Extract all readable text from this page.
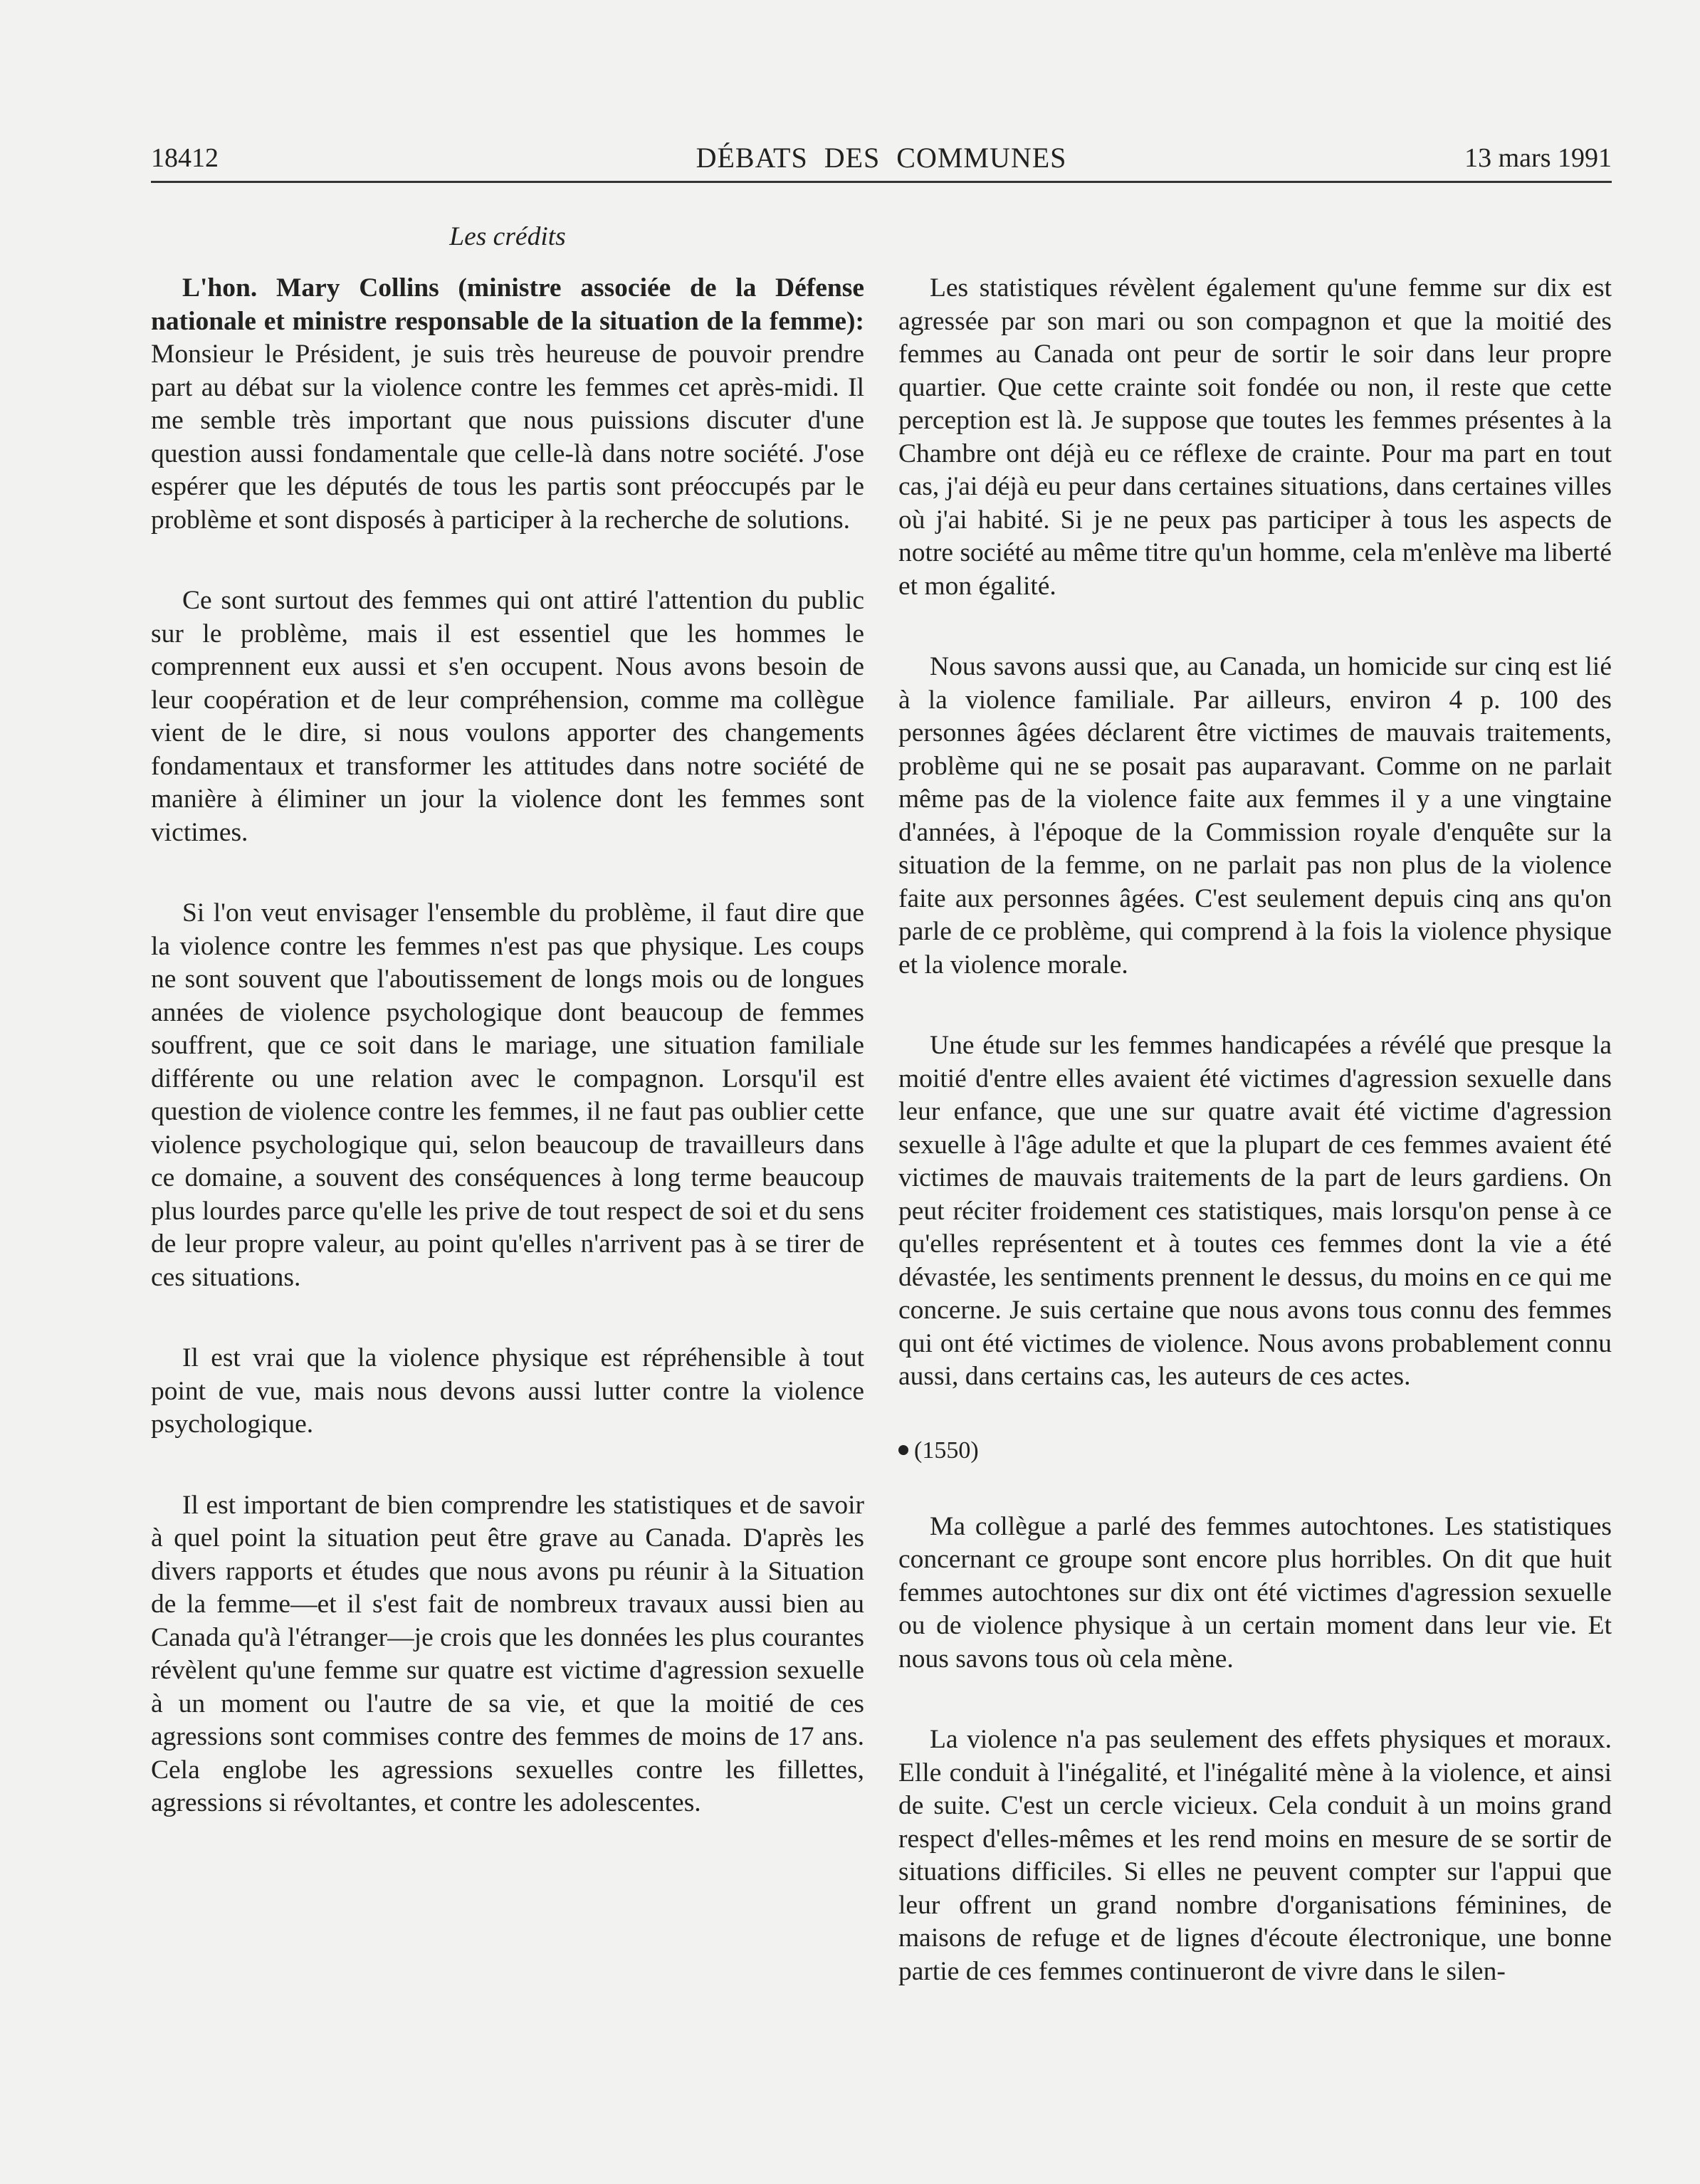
18412	DÉBATS DES COMMUNES	13 mars 1991
Les crédits

L'hon. Mary Collins (ministre associée de la Défense nationale et ministre responsable de la situation de la femme): Monsieur le Président, je suis très heureuse de pouvoir prendre part au débat sur la violence contre les femmes cet après-midi. Il me semble très important que nous puissions discuter d'une question aussi fondamentale que celle-là dans notre société. J'ose espérer que les députés de tous les partis sont préoccupés par le problème et sont disposés à participer à la recherche de solutions.

Ce sont surtout des femmes qui ont attiré l'attention du public sur le problème, mais il est essentiel que les hommes le comprennent eux aussi et s'en occupent. Nous avons besoin de leur coopération et de leur compréhension, comme ma collègue vient de le dire, si nous voulons apporter des changements fondamentaux et transformer les attitudes dans notre société de manière à éliminer un jour la violence dont les femmes sont victimes.

Si l'on veut envisager l'ensemble du problème, il faut dire que la violence contre les femmes n'est pas que physique. Les coups ne sont souvent que l'aboutissement de longs mois ou de longues années de violence psychologique dont beaucoup de femmes souffrent, que ce soit dans le mariage, une situation familiale différente ou une relation avec le compagnon. Lorsqu'il est question de violence contre les femmes, il ne faut pas oublier cette violence psychologique qui, selon beaucoup de travailleurs dans ce domaine, a souvent des conséquences à long terme beaucoup plus lourdes parce qu'elle les prive de tout respect de soi et du sens de leur propre valeur, au point qu'elles n'arrivent pas à se tirer de ces situations.

Il est vrai que la violence physique est répréhensible à tout point de vue, mais nous devons aussi lutter contre la violence psychologique.

Il est important de bien comprendre les statistiques et de savoir à quel point la situation peut être grave au Canada. D'après les divers rapports et études que nous avons pu réunir à la Situation de la femme—et il s'est fait de nombreux travaux aussi bien au Canada qu'à l'étranger—je crois que les données les plus courantes révèlent qu'une femme sur quatre est victime d'agression sexuelle à un moment ou l'autre de sa vie, et que la moitié de ces agressions sont commises contre des femmes de moins de 17 ans. Cela englobe les agressions sexuelles contre les fillettes, agressions si révoltantes, et contre les adolescentes.

Les statistiques révèlent également qu'une femme sur dix est agressée par son mari ou son compagnon et que la moitié des femmes au Canada ont peur de sortir le soir dans leur propre quartier. Que cette crainte soit fondée ou non, il reste que cette perception est là. Je suppose que toutes les femmes présentes à la Chambre ont déjà eu ce réflexe de crainte. Pour ma part en tout cas, j'ai déjà eu peur dans certaines situations, dans certaines villes où j'ai habité. Si je ne peux pas participer à tous les aspects de notre société au même titre qu'un homme, cela m'enlève ma liberté et mon égalité.

Nous savons aussi que, au Canada, un homicide sur cinq est lié à la violence familiale. Par ailleurs, environ 4 p. 100 des personnes âgées déclarent être victimes de mauvais traitements, problème qui ne se posait pas auparavant. Comme on ne parlait même pas de la violence faite aux femmes il y a une vingtaine d'années, à l'époque de la Commission royale d'enquête sur la situation de la femme, on ne parlait pas non plus de la violence faite aux personnes âgées. C'est seulement depuis cinq ans qu'on parle de ce problème, qui comprend à la fois la violence physique et la violence morale.

Une étude sur les femmes handicapées a révélé que presque la moitié d'entre elles avaient été victimes d'agression sexuelle dans leur enfance, que une sur quatre avait été victime d'agression sexuelle à l'âge adulte et que la plupart de ces femmes avaient été victimes de mauvais traitements de la part de leurs gardiens. On peut réciter froidement ces statistiques, mais lorsqu'on pense à ce qu'elles représentent et à toutes ces femmes dont la vie a été dévastée, les sentiments prennent le dessus, du moins en ce qui me concerne. Je suis certaine que nous avons tous connu des femmes qui ont été victimes de violence. Nous avons probablement connu aussi, dans certains cas, les auteurs de ces actes.

(1550)

Ma collègue a parlé des femmes autochtones. Les statistiques concernant ce groupe sont encore plus horribles. On dit que huit femmes autochtones sur dix ont été victimes d'agression sexuelle ou de violence physique à un certain moment dans leur vie. Et nous savons tous où cela mène.

La violence n'a pas seulement des effets physiques et moraux. Elle conduit à l'inégalité, et l'inégalité mène à la violence, et ainsi de suite. C'est un cercle vicieux. Cela conduit à un moins grand respect d'elles-mêmes et les rend moins en mesure de se sortir de situations difficiles. Si elles ne peuvent compter sur l'appui que leur offrent un grand nombre d'organisations féminines, de maisons de refuge et de lignes d'écoute électronique, une bonne partie de ces femmes continueront de vivre dans le silen-
